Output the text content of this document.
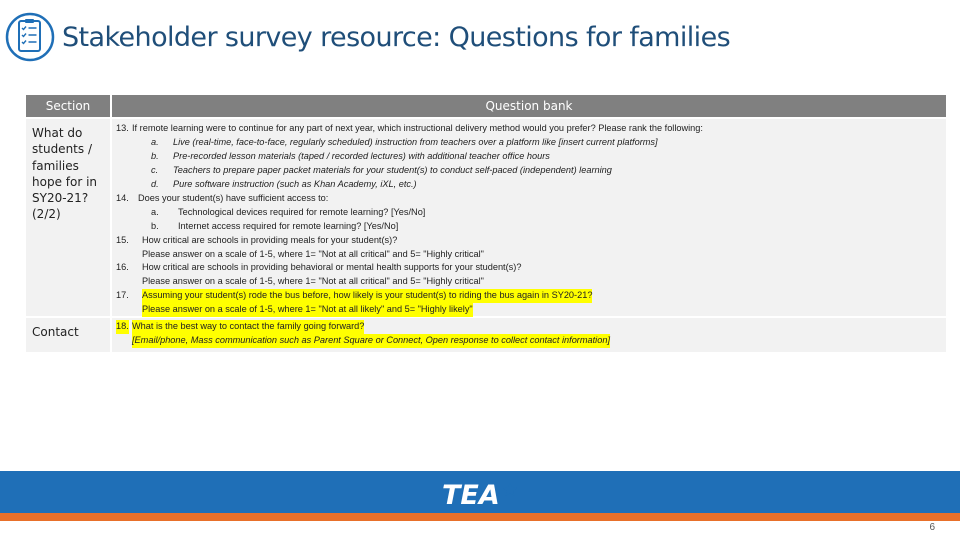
Stakeholder survey resource: Questions for families
Section	Question bank
What do students / families hope for in SY20-21? (2/2)
13. If remote learning were to continue for any part of next year, which instructional delivery method would you prefer? Please rank the following:
a. Live (real-time, face-to-face, regularly scheduled) instruction from teachers over a platform like [insert current platforms]
b. Pre-recorded lesson materials (taped / recorded lectures) with additional teacher office hours
c. Teachers to prepare paper packet materials for your student(s) to conduct self-paced (independent) learning
d. Pure software instruction (such as Khan Academy, iXL, etc.)
14. Does your student(s) have sufficient access to:
a. Technological devices required for remote learning? [Yes/No]
b. Internet access required for remote learning? [Yes/No]
15. How critical are schools in providing meals for your student(s)?
Please answer on a scale of 1-5, where 1= "Not at all critical" and 5= "Highly critical"
16. How critical are schools in providing behavioral or mental health supports for your student(s)?
Please answer on a scale of 1-5, where 1= "Not at all critical" and 5= "Highly critical"
17. Assuming your student(s) rode the bus before, how likely is your student(s) to riding the bus again in SY20-21?
Please answer on a scale of 1-5, where 1= "Not at all likely" and 5= "Highly likely"
Contact	18. What is the best way to contact the family going forward?
[Email/phone, Mass communication such as Parent Square or Connect, Open response to collect contact information]
TEA
6
